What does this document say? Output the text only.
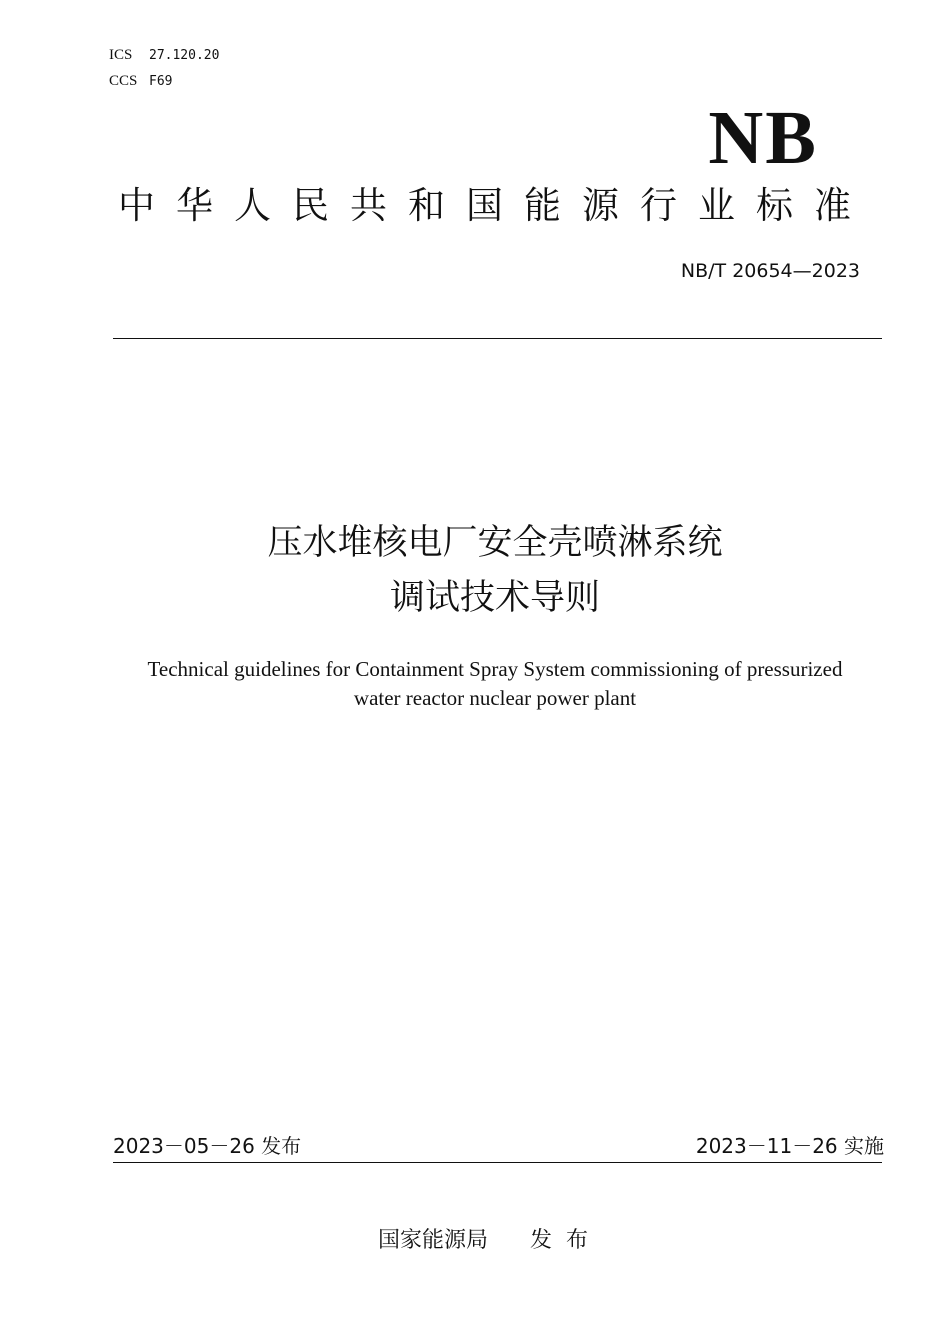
ICS 27.120.20
CCS F69
NB
中华人民共和国能源行业标准
NB/T 20654—2023
压水堆核电厂安全壳喷淋系统
调试技术导则
Technical guidelines for Containment Spray System commissioning of pressurized
water reactor nuclear power plant
2023－05－26 发布	2023－11－26 实施
国家能源局 发布
